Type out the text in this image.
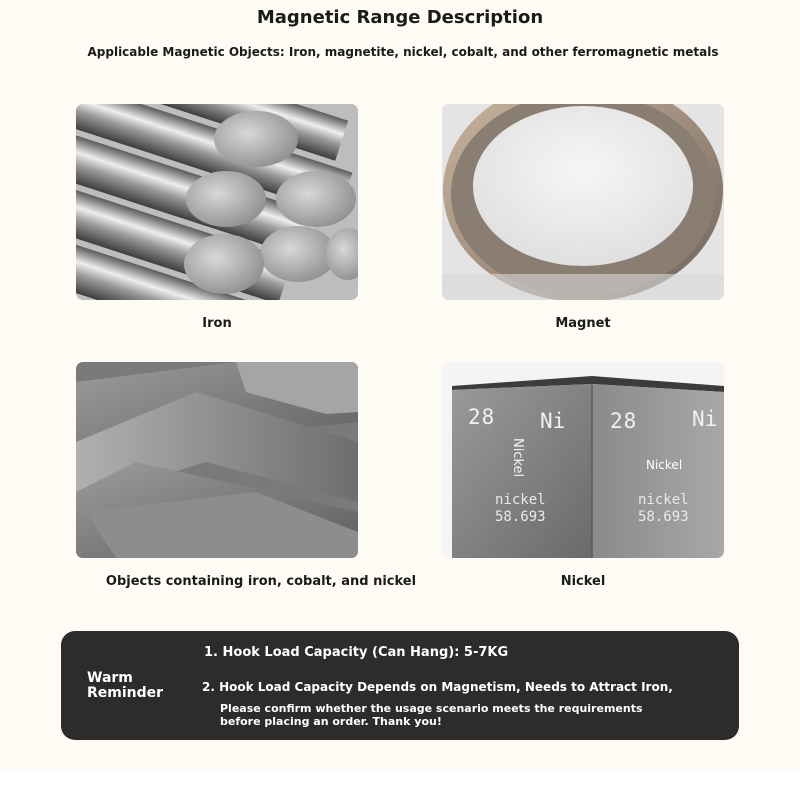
Magnetic Range Description
Applicable Magnetic Objects: Iron, magnetite, nickel, cobalt, and other ferromagnetic metals
28 Ni 28	Ni
Nickel	Nickel
nickel
58.693
nickel
58.693
Iron	Magnet
Objects containing iron, cobalt, and nickel	Nickel
Warm
Reminder
1. Hook Load Capacity (Can Hang): 5-7KG
2. Hook Load Capacity Depends on Magnetism, Needs to Attract Iron,
Please confirm whether the usage scenario meets the requirements
before placing an order. Thank you!
